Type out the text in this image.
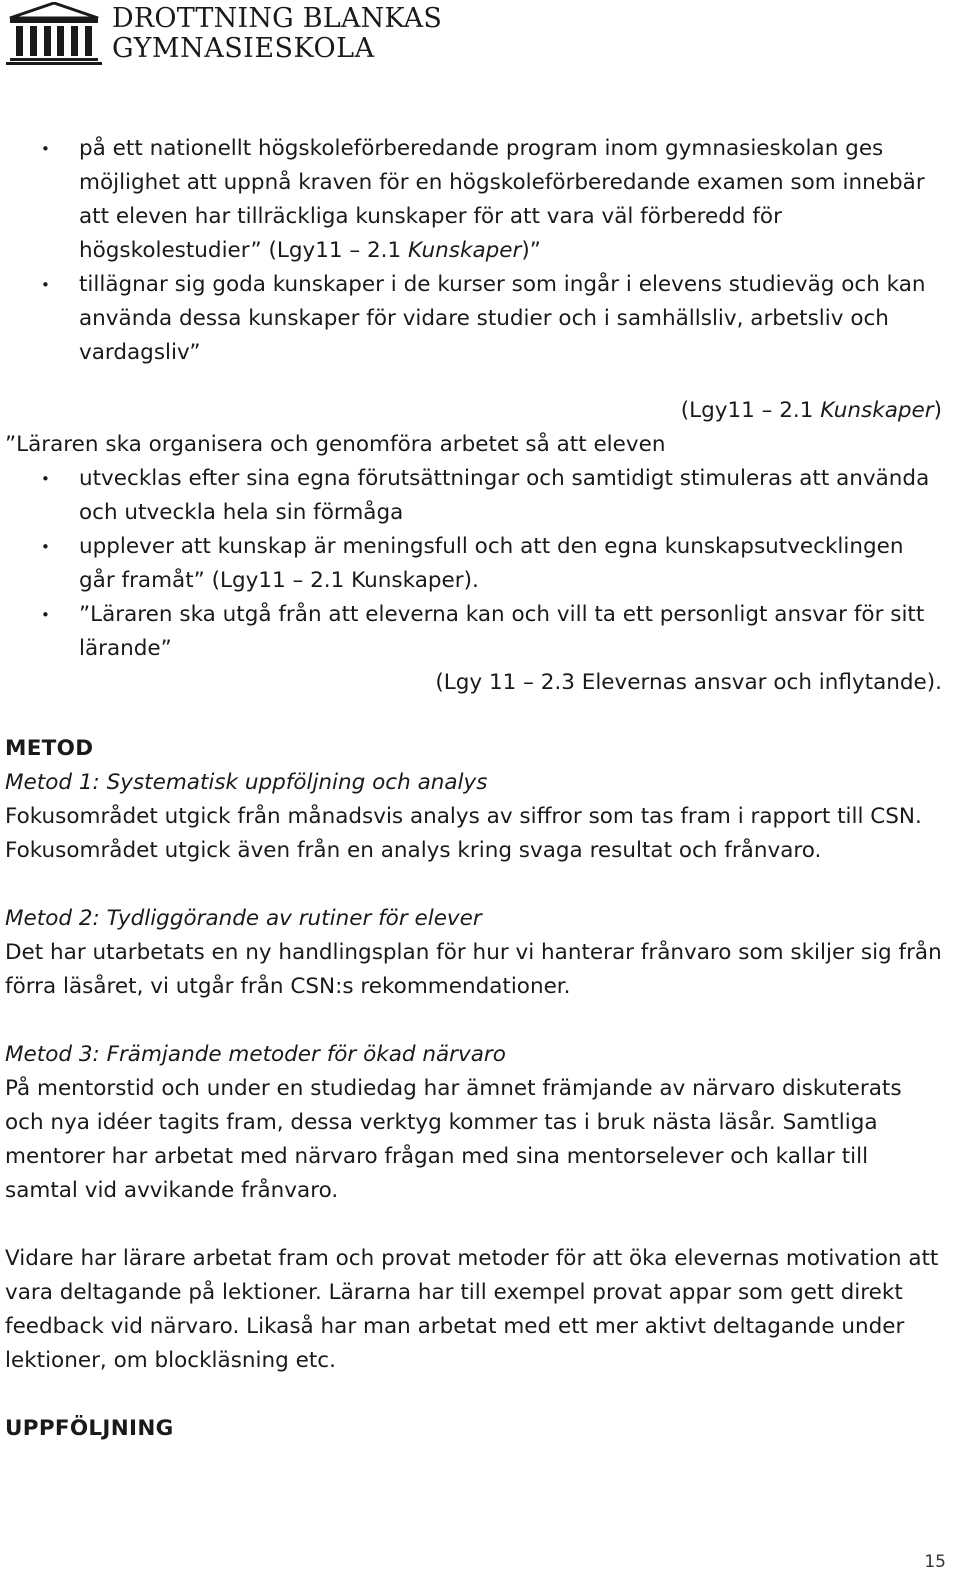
DROTTNING BLANKAS
GYMNASIESKOLA
• på ett nationellt högskoleförberedande program inom gymnasieskolan ges möjlighet att uppnå kraven för en högskoleförberedande examen som innebär att eleven har tillräckliga kunskaper för att vara väl förberedd för högskolestudier” (Lgy11 – 2.1 Kunskaper)”
• tillägnar sig goda kunskaper i de kurser som ingår i elevens studieväg och kan använda dessa kunskaper för vidare studier och i samhällsliv, arbetsliv och vardagsliv”
(Lgy11 – 2.1 Kunskaper)
”Läraren ska organisera och genomföra arbetet så att eleven
• utvecklas efter sina egna förutsättningar och samtidigt stimuleras att använda och utveckla hela sin förmåga
• upplever att kunskap är meningsfull och att den egna kunskapsutvecklingen går framåt” (Lgy11 – 2.1 Kunskaper).
• ”Läraren ska utgå från att eleverna kan och vill ta ett personligt ansvar för sitt lärande”
(Lgy 11 – 2.3 Elevernas ansvar och inflytande).
METOD
Metod 1: Systematisk uppföljning och analys
Fokusområdet utgick från månadsvis analys av siffror som tas fram i rapport till CSN. Fokusområdet utgick även från en analys kring svaga resultat och frånvaro.
Metod 2: Tydliggörande av rutiner för elever
Det har utarbetats en ny handlingsplan för hur vi hanterar frånvaro som skiljer sig från förra läsåret, vi utgår från CSN:s rekommendationer.
Metod 3: Främjande metoder för ökad närvaro
På mentorstid och under en studiedag har ämnet främjande av närvaro diskuterats och nya idéer tagits fram, dessa verktyg kommer tas i bruk nästa läsår. Samtliga mentorer har arbetat med närvaro frågan med sina mentorselever och kallar till samtal vid avvikande frånvaro.
Vidare har lärare arbetat fram och provat metoder för att öka elevernas motivation att vara deltagande på lektioner. Lärarna har till exempel provat appar som gett direkt feedback vid närvaro. Likaså har man arbetat med ett mer aktivt deltagande under lektioner, om blockläsning etc.
UPPFÖLJNING
15
